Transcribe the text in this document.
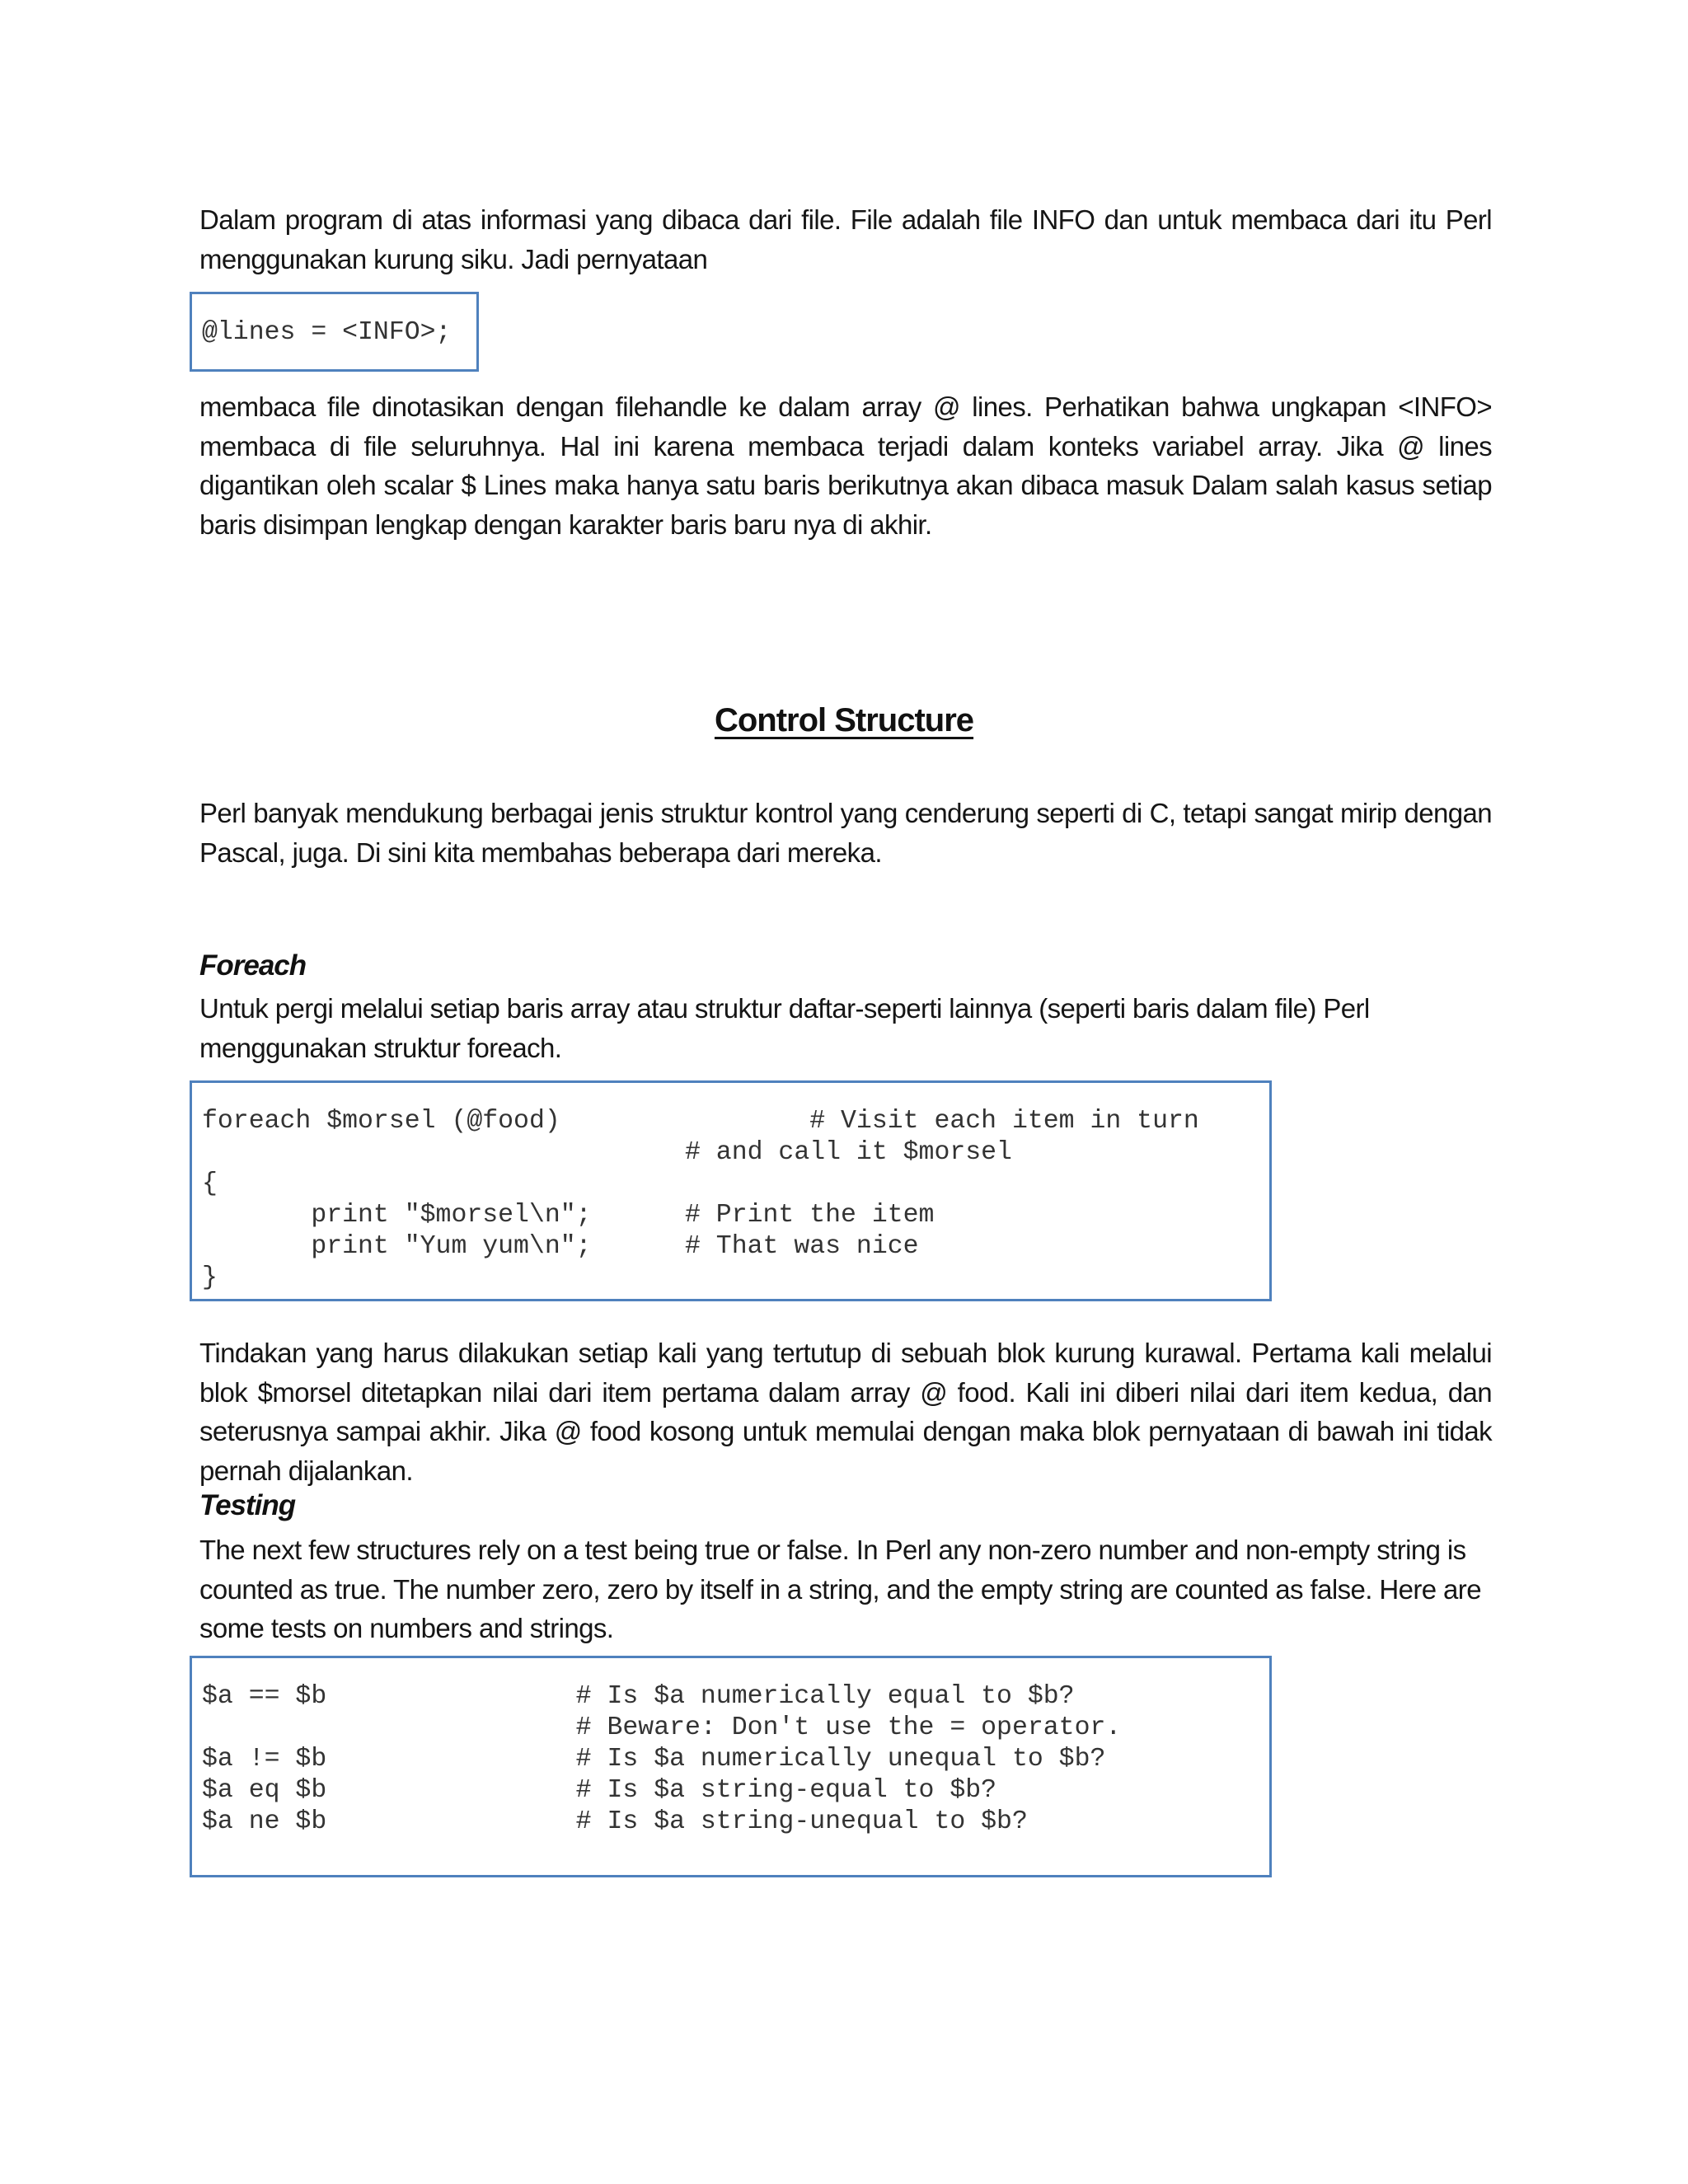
Dalam program di atas informasi yang dibaca dari file. File adalah file INFO dan untuk membaca dari itu Perl menggunakan kurung siku. Jadi pernyataan
@lines = <INFO>;
membaca file dinotasikan dengan filehandle ke dalam array @ lines. Perhatikan bahwa ungkapan <INFO> membaca di file seluruhnya. Hal ini karena membaca terjadi dalam konteks variabel array. Jika @ lines digantikan oleh scalar $ Lines maka hanya satu baris berikutnya akan dibaca masuk Dalam salah kasus setiap baris disimpan lengkap dengan karakter baris baru nya di akhir.
Control Structure
Perl banyak mendukung berbagai jenis struktur kontrol yang cenderung seperti di C, tetapi sangat mirip dengan Pascal, juga. Di sini kita membahas beberapa dari mereka.
Foreach
Untuk pergi melalui setiap baris array atau struktur daftar-seperti lainnya (seperti baris dalam file) Perl menggunakan struktur foreach.
foreach $morsel (@food)                # Visit each item in turn
# and call it $morsel
{
print "$morsel\n";      # Print the item
print "Yum yum\n";      # That was nice
}
Tindakan yang harus dilakukan setiap kali yang tertutup di sebuah blok kurung kurawal. Pertama kali melalui blok $morsel ditetapkan nilai dari item pertama dalam array @ food. Kali ini diberi nilai dari item kedua, dan seterusnya sampai akhir. Jika @ food kosong untuk memulai dengan maka blok pernyataan di bawah ini tidak pernah dijalankan.
Testing
The next few structures rely on a test being true or false. In Perl any non-zero number and non-empty string is counted as true. The number zero, zero by itself in a string, and the empty string are counted as false. Here are some tests on numbers and strings.
$a == $b                # Is $a numerically equal to $b?
# Beware: Don't use the = operator.
$a != $b                # Is $a numerically unequal to $b?
$a eq $b                # Is $a string-equal to $b?
$a ne $b                # Is $a string-unequal to $b?
